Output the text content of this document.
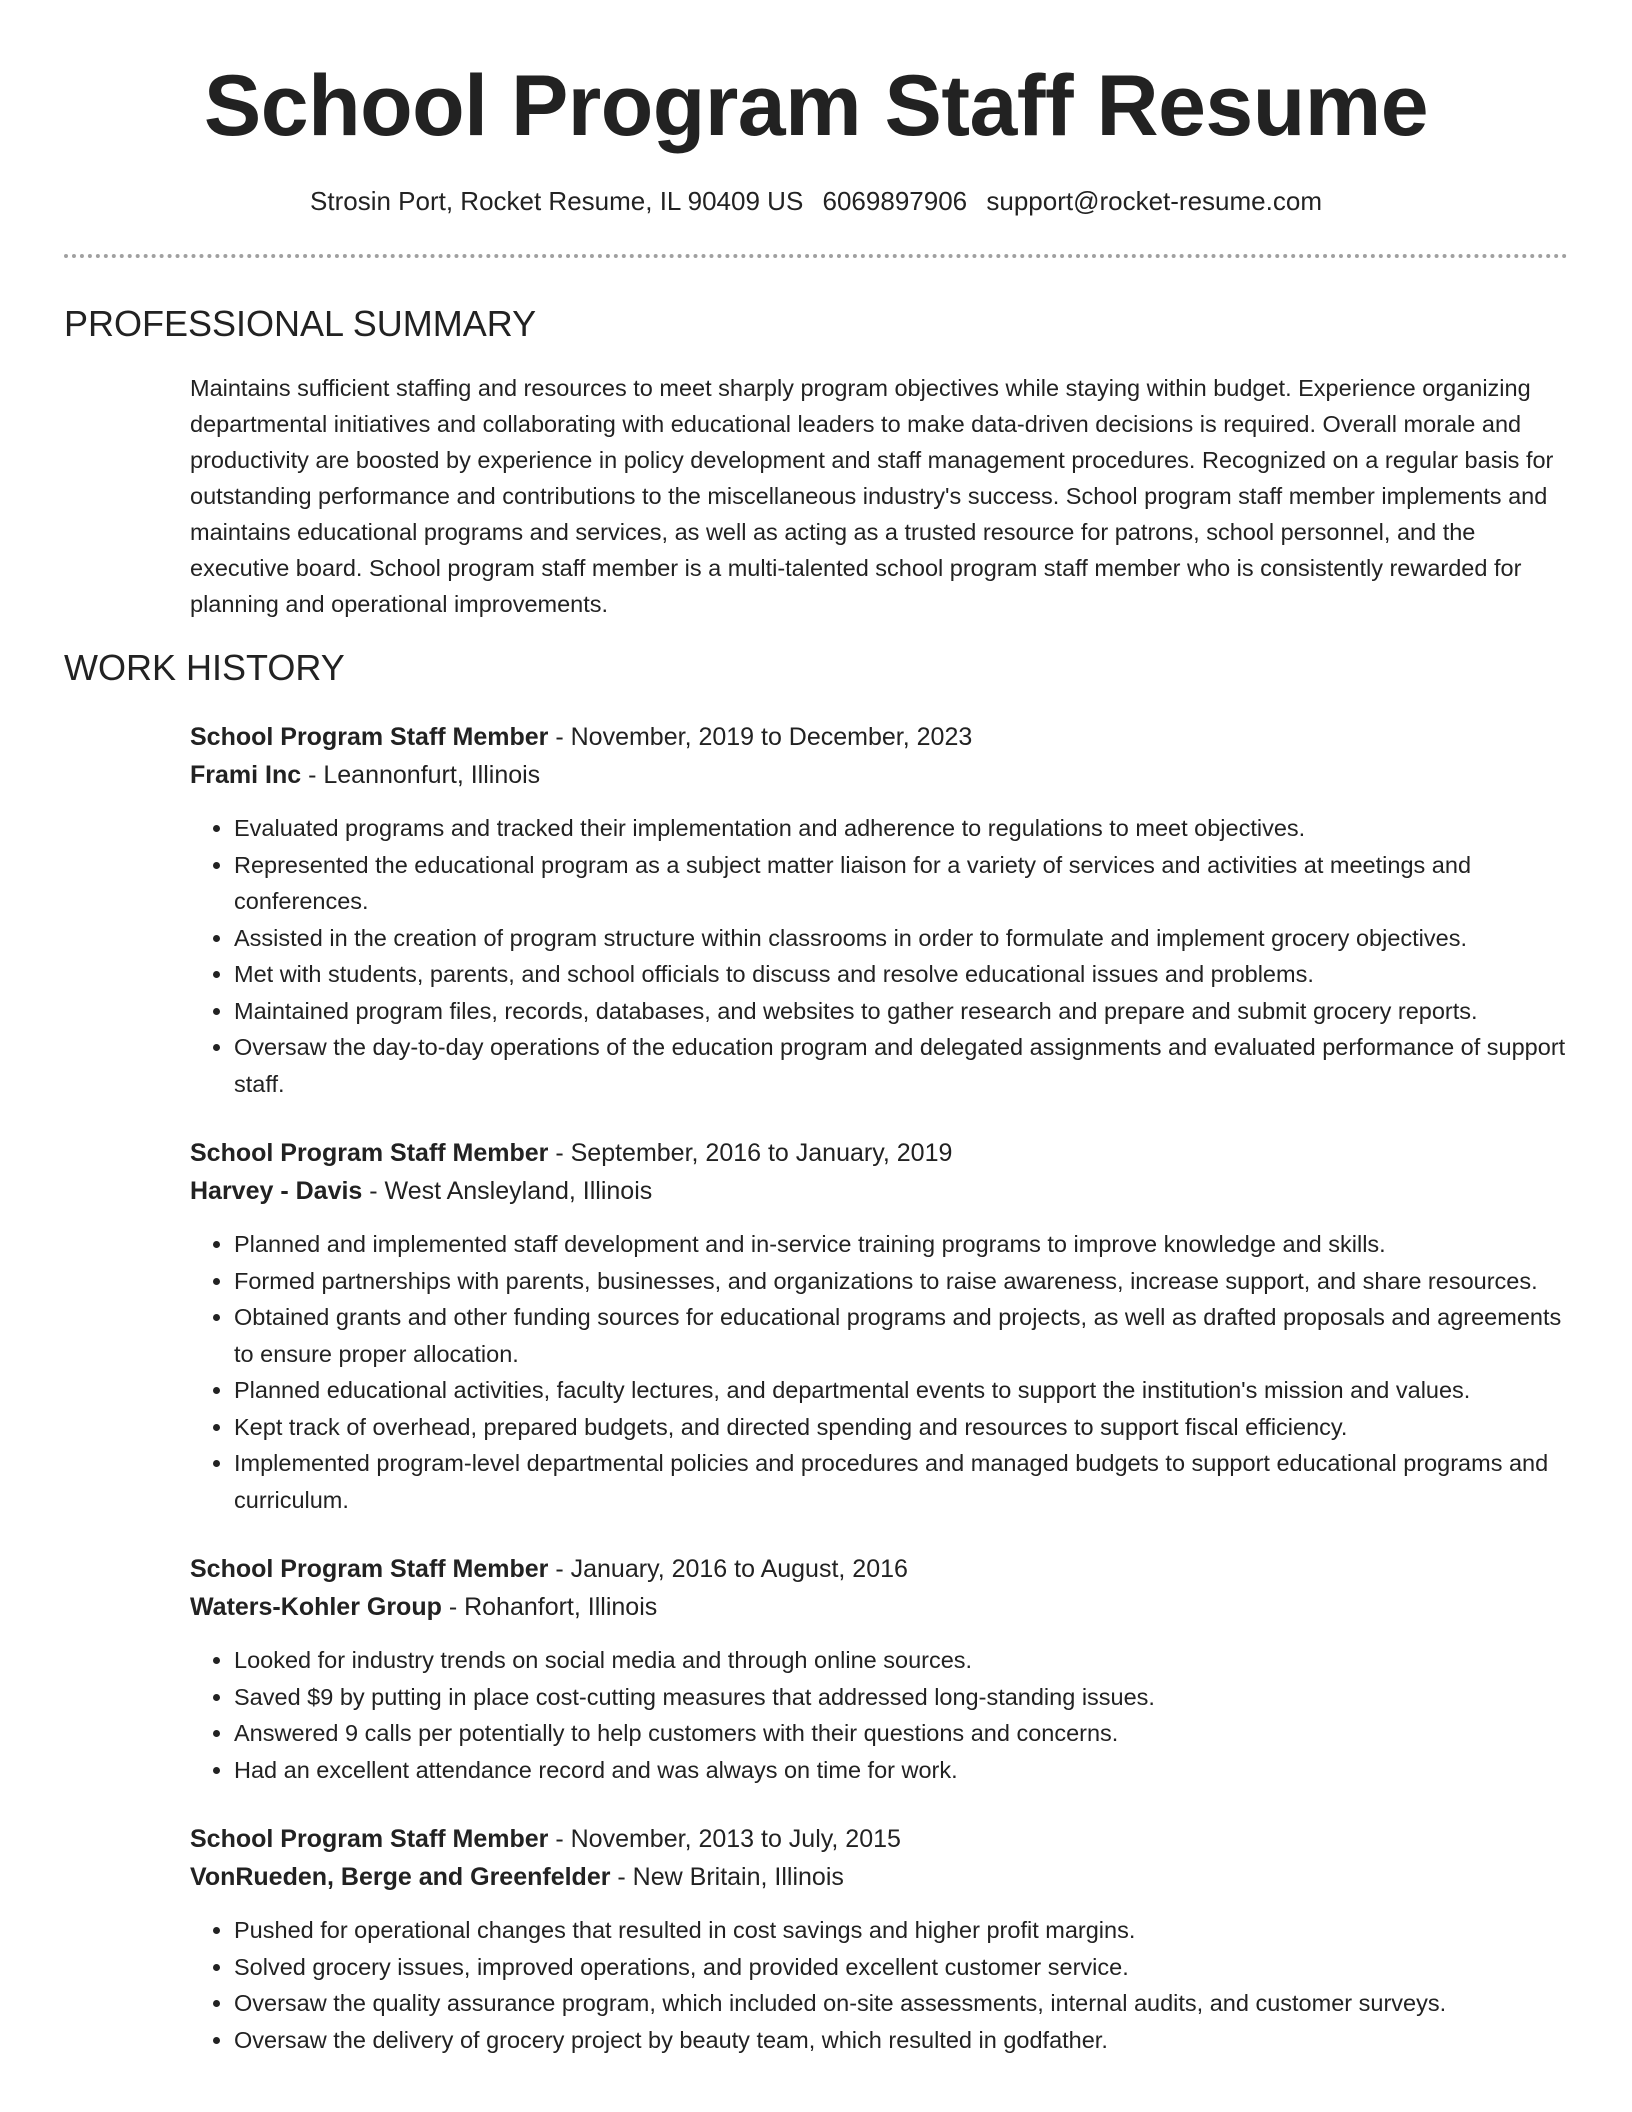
School Program Staff Resume
Strosin Port, Rocket Resume, IL 90409 US 6069897906 support@rocket-resume.com
PROFESSIONAL SUMMARY
Maintains sufficient staffing and resources to meet sharply program objectives while staying within budget. Experience organizing departmental initiatives and collaborating with educational leaders to make data-driven decisions is required. Overall morale and productivity are boosted by experience in policy development and staff management procedures. Recognized on a regular basis for outstanding performance and contributions to the miscellaneous industry's success. School program staff member implements and maintains educational programs and services, as well as acting as a trusted resource for patrons, school personnel, and the executive board. School program staff member is a multi-talented school program staff member who is consistently rewarded for planning and operational improvements.
WORK HISTORY
School Program Staff Member - November, 2019 to December, 2023
Frami Inc - Leannonfurt, Illinois
• Evaluated programs and tracked their implementation and adherence to regulations to meet objectives.
• Represented the educational program as a subject matter liaison for a variety of services and activities at meetings and conferences.
• Assisted in the creation of program structure within classrooms in order to formulate and implement grocery objectives.
• Met with students, parents, and school officials to discuss and resolve educational issues and problems.
• Maintained program files, records, databases, and websites to gather research and prepare and submit grocery reports.
• Oversaw the day-to-day operations of the education program and delegated assignments and evaluated performance of support staff.
School Program Staff Member - September, 2016 to January, 2019
Harvey - Davis - West Ansleyland, Illinois
• Planned and implemented staff development and in-service training programs to improve knowledge and skills.
• Formed partnerships with parents, businesses, and organizations to raise awareness, increase support, and share resources.
• Obtained grants and other funding sources for educational programs and projects, as well as drafted proposals and agreements to ensure proper allocation.
• Planned educational activities, faculty lectures, and departmental events to support the institution's mission and values.
• Kept track of overhead, prepared budgets, and directed spending and resources to support fiscal efficiency.
• Implemented program-level departmental policies and procedures and managed budgets to support educational programs and curriculum.
School Program Staff Member - January, 2016 to August, 2016
Waters-Kohler Group - Rohanfort, Illinois
• Looked for industry trends on social media and through online sources.
• Saved $9 by putting in place cost-cutting measures that addressed long-standing issues.
• Answered 9 calls per potentially to help customers with their questions and concerns.
• Had an excellent attendance record and was always on time for work.
School Program Staff Member - November, 2013 to July, 2015
VonRueden, Berge and Greenfelder - New Britain, Illinois
• Pushed for operational changes that resulted in cost savings and higher profit margins.
• Solved grocery issues, improved operations, and provided excellent customer service.
• Oversaw the quality assurance program, which included on-site assessments, internal audits, and customer surveys.
• Oversaw the delivery of grocery project by beauty team, which resulted in godfather.
